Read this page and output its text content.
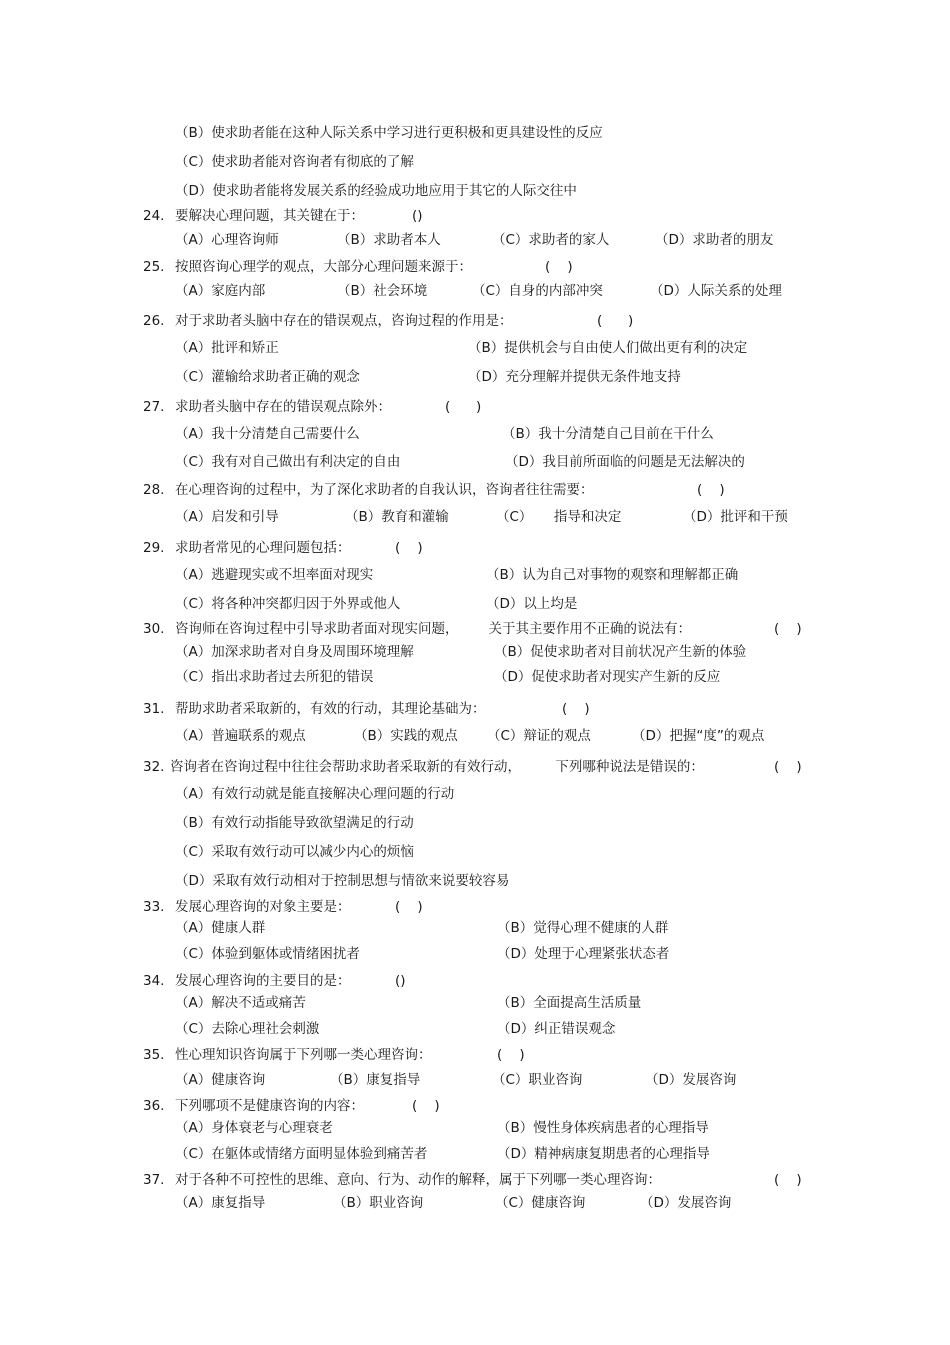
（B）使求助者能在这种人际关系中学习进行更积极和更具建设性的反应
（C）使求助者能对咨询者有彻底的了解
（D）使求助者能将发展关系的经验成功地应用于其它的人际交往中
24. 要解决心理问题，其关键在于：	()
（A）心理咨询师	（B）求助者本人	（C）求助者的家人	（D）求助者的朋友
25. 按照咨询心理学的观点，大部分心理问题来源于：	(    )
（A）家庭内部	（B）社会环境	（C）自身的内部冲突	（D）人际关系的处理
26. 对于求助者头脑中存在的错误观点，咨询过程的作用是：	(      )
（A）批评和矫正	（B）提供机会与自由使人们做出更有利的决定
（C）灌输给求助者正确的观念	（D）充分理解并提供无条件地支持
27. 求助者头脑中存在的错误观点除外：	(      )
（A）我十分清楚自己需要什么	（B）我十分清楚自己目前在干什么
（C）我有对自己做出有利决定的自由	（D）我目前所面临的问题是无法解决的
28. 在心理咨询的过程中，为了深化求助者的自我认识，咨询者往往需要：	(    )
（A）启发和引导	（B）教育和灌输	（C）     指导和决定	（D）批评和干预
29. 求助者常见的心理问题包括：	(    )
（A）逃避现实或不坦率面对现实	（B）认为自己对事物的观察和理解都正确
（C）将各种冲突都归因于外界或他人	（D）以上均是
30. 咨询师在咨询过程中引导求助者面对现实问题，       关于其主要作用不正确的说法有：	(    )
（A）加深求助者对自身及周围环境理解	（B）促使求助者对目前状况产生新的体验
（C）指出求助者过去所犯的错误	（D）促使求助者对现实产生新的反应
31. 帮助求助者采取新的，有效的行动，其理论基础为：	(    )
（A）普遍联系的观点	（B）实践的观点 （C）辩证的观点	（D）把握“度”的观点
32. 咨询者在咨询过程中往往会帮助求助者采取新的有效行动，        下列哪种说法是错误的：	(    )
（A）有效行动就是能直接解决心理问题的行动
（B）有效行动指能导致欲望满足的行动
（C）采取有效行动可以减少内心的烦恼
（D）采取有效行动相对于控制思想与情欲来说要较容易
33. 发展心理咨询的对象主要是：	(    )
（A）健康人群	（B）觉得心理不健康的人群
（C）体验到躯体或情绪困扰者	（D）处理于心理紧张状态者
34. 发展心理咨询的主要目的是：	()
（A）解决不适或痛苦	（B）全面提高生活质量
（C）去除心理社会刺激	（D）纠正错误观念
35. 性心理知识咨询属于下列哪一类心理咨询：	(    )
（A）健康咨询	（B）康复指导	（C）职业咨询	（D）发展咨询
36. 下列哪项不是健康咨询的内容：	(    )
（A）身体衰老与心理衰老	（B）慢性身体疾病患者的心理指导
（C）在躯体或情绪方面明显体验到痛苦者	（D）精神病康复期患者的心理指导
37. 对于各种不可控性的思维、意向、行为、动作的解释，属于下列哪一类心理咨询：	(    )
（A）康复指导	（B）职业咨询	（C）健康咨询	（D）发展咨询
